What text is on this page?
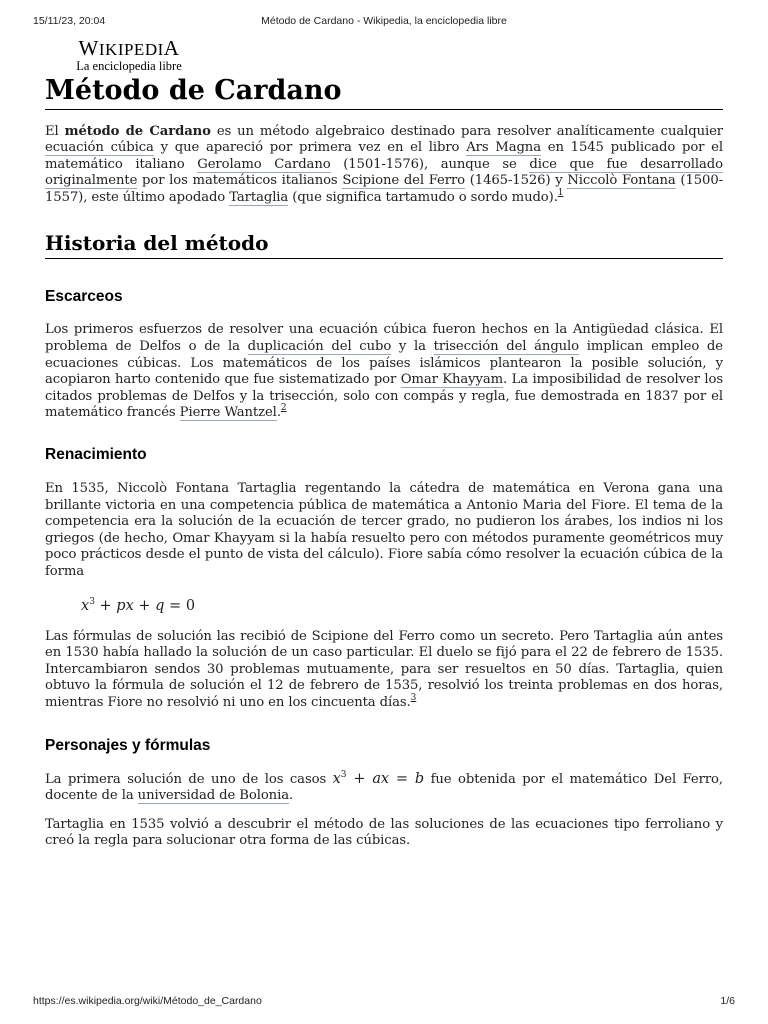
15/11/23, 20:04	Método de Cardano - Wikipedia, la enciclopedia libre
WIKIPEDIA
La enciclopedia libre
Método de Cardano

El método de Cardano es un método algebraico destinado para resolver analíticamente cualquier ecuación cúbica y que apareció por primera vez en el libro Ars Magna en 1545 publicado por el matemático italiano Gerolamo Cardano (1501-1576), aunque se dice que fue desarrollado originalmente por los matemáticos italianos Scipione del Ferro (1465-1526) y Niccolò Fontana (1500-1557), este último apodado Tartaglia (que significa tartamudo o sordo mudo).$^1$

Historia del método
Escarceos

Los primeros esfuerzos de resolver una ecuación cúbica fueron hechos en la Antigüedad clásica. El problema de Delfos o de la duplicación del cubo y la trisección del ángulo implican empleo de ecuaciones cúbicas. Los matemáticos de los países islámicos plantearon la posible solución, y acopiaron harto contenido que fue sistematizado por Omar Khayyam. La imposibilidad de resolver los citados problemas de Delfos y la trisección, solo con compás y regla, fue demostrada en 1837 por el matemático francés Pierre Wantzel.$^2$

Renacimiento

En 1535, Niccolò Fontana Tartaglia regentando la cátedra de matemática en Verona gana una brillante victoria en una competencia pública de matemática a Antonio Maria del Fiore. El tema de la competencia era la solución de la ecuación de tercer grado, no pudieron los árabes, los indios ni los griegos (de hecho, Omar Khayyam si la había resuelto pero con métodos puramente geométricos muy poco prácticos desde el punto de vista del cálculo). Fiore sabía cómo resolver la ecuación cúbica de la forma

$x^3$ + px + q = 0

Las fórmulas de solución las recibió de Scipione del Ferro como un secreto. Pero Tartaglia aún antes en 1530 había hallado la solución de un caso particular. El duelo se fijó para el 22 de febrero de 1535. Intercambiaron sendos 30 problemas mutuamente, para ser resueltos en 50 días. Tartaglia, quien obtuvo la fórmula de solución el 12 de febrero de 1535, resolvió los treinta problemas en dos horas, mientras Fiore no resolvió ni uno en los cincuenta días.$^3$

Personajes y fórmulas

La primera solución de uno de los casos $x^3$ + ax = b fue obtenida por el matemático Del Ferro, docente de la universidad de Bolonia.

Tartaglia en 1535 volvió a descubrir el método de las soluciones de las ecuaciones tipo ferroliano y creó la regla para solucionar otra forma de las cúbicas.

https://es.wikipedia.org/wiki/Método_de_Cardano	1/6
